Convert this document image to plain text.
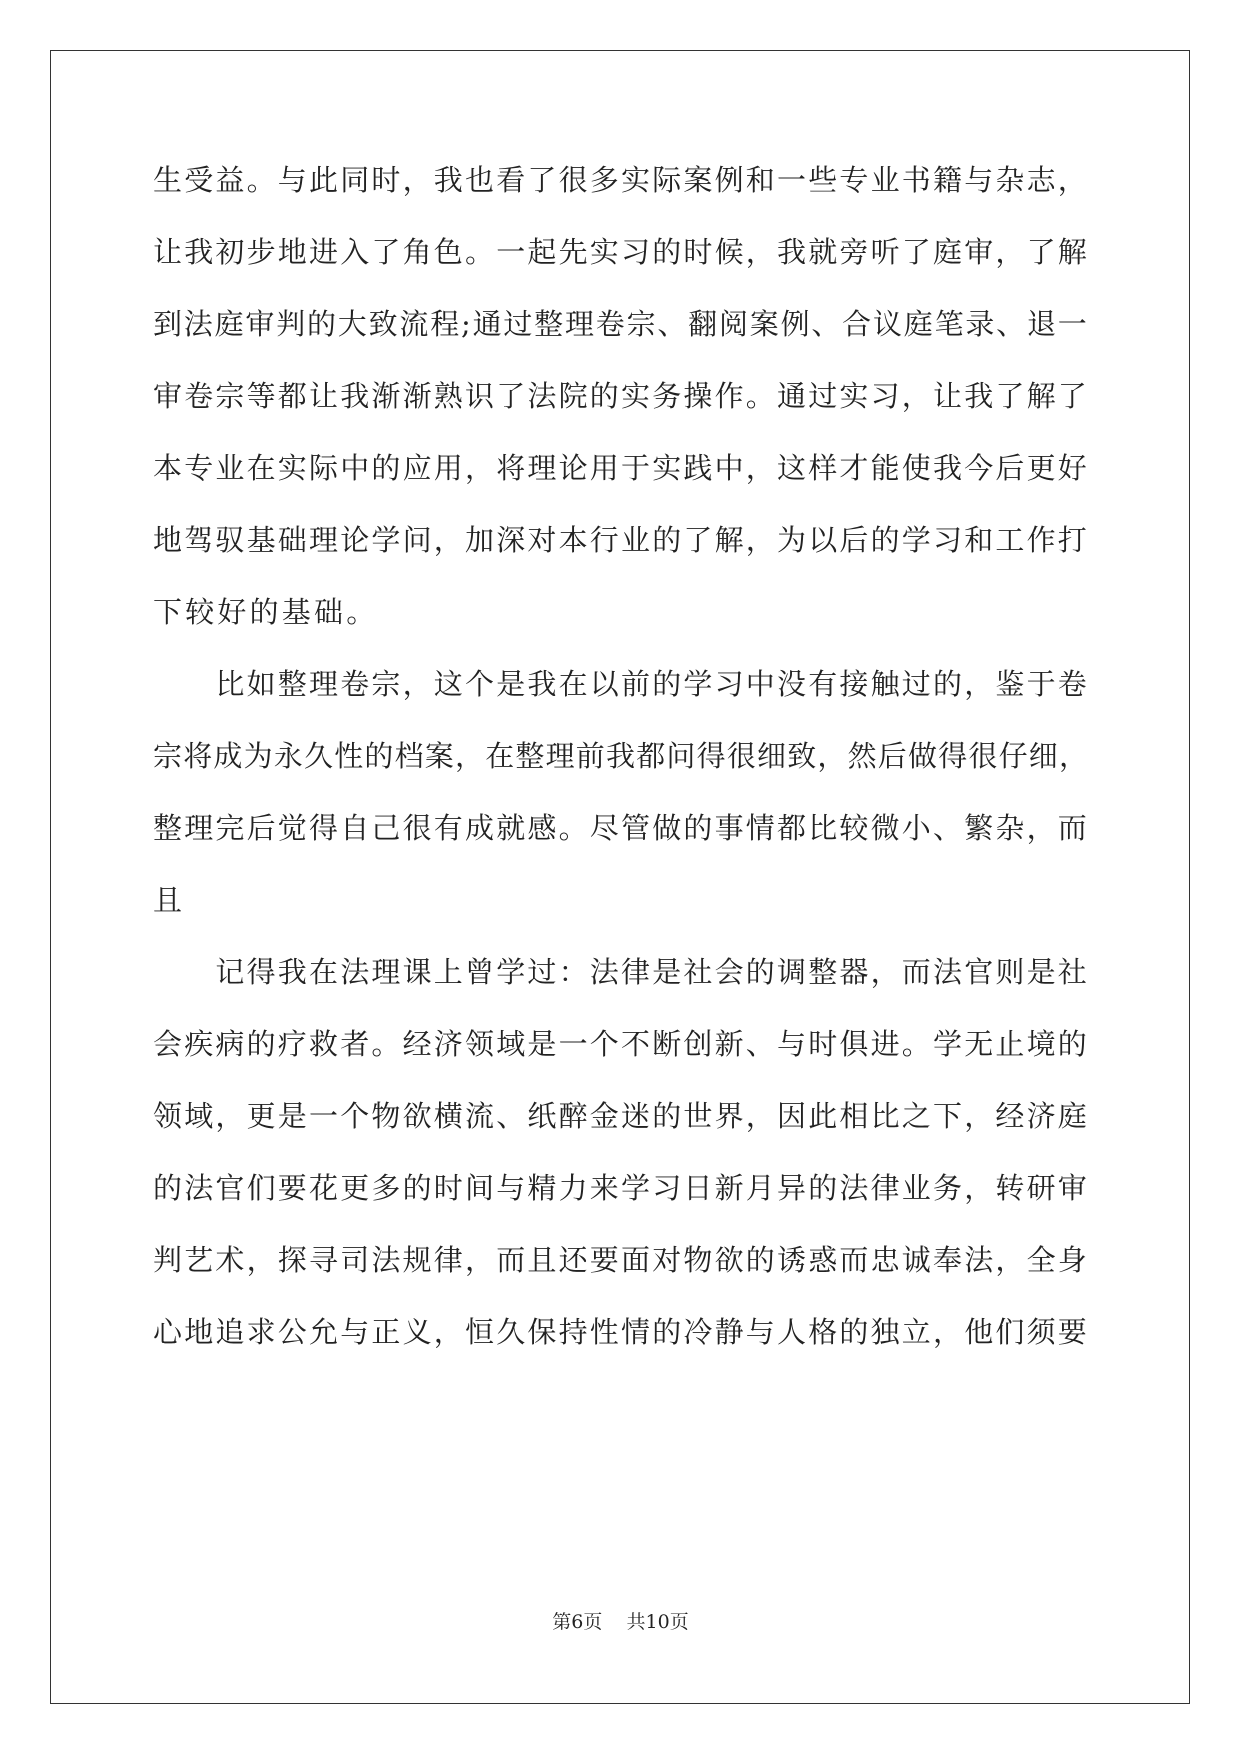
生受益。与此同时，我也看了很多实际案例和一些专业书籍与杂志，
让我初步地进入了角色。一起先实习的时候，我就旁听了庭审，了解
到法庭审判的大致流程;通过整理卷宗、翻阅案例、合议庭笔录、退一
审卷宗等都让我渐渐熟识了法院的实务操作。通过实习，让我了解了
本专业在实际中的应用，将理论用于实践中，这样才能使我今后更好
地驾驭基础理论学问，加深对本行业的了解，为以后的学习和工作打
下较好的基础。
　　比如整理卷宗，这个是我在以前的学习中没有接触过的，鉴于卷
宗将成为永久性的档案，在整理前我都问得很细致，然后做得很仔细，
整理完后觉得自己很有成就感。尽管做的事情都比较微小、繁杂，而
且
　　记得我在法理课上曾学过：法律是社会的调整器，而法官则是社
会疾病的疗救者。经济领域是一个不断创新、与时俱进。学无止境的
领域，更是一个物欲横流、纸醉金迷的世界，因此相比之下，经济庭
的法官们要花更多的时间与精力来学习日新月异的法律业务，转研审
判艺术，探寻司法规律，而且还要面对物欲的诱惑而忠诚奉法，全身
心地追求公允与正义，恒久保持性情的冷静与人格的独立，他们须要
第6页 共10页
